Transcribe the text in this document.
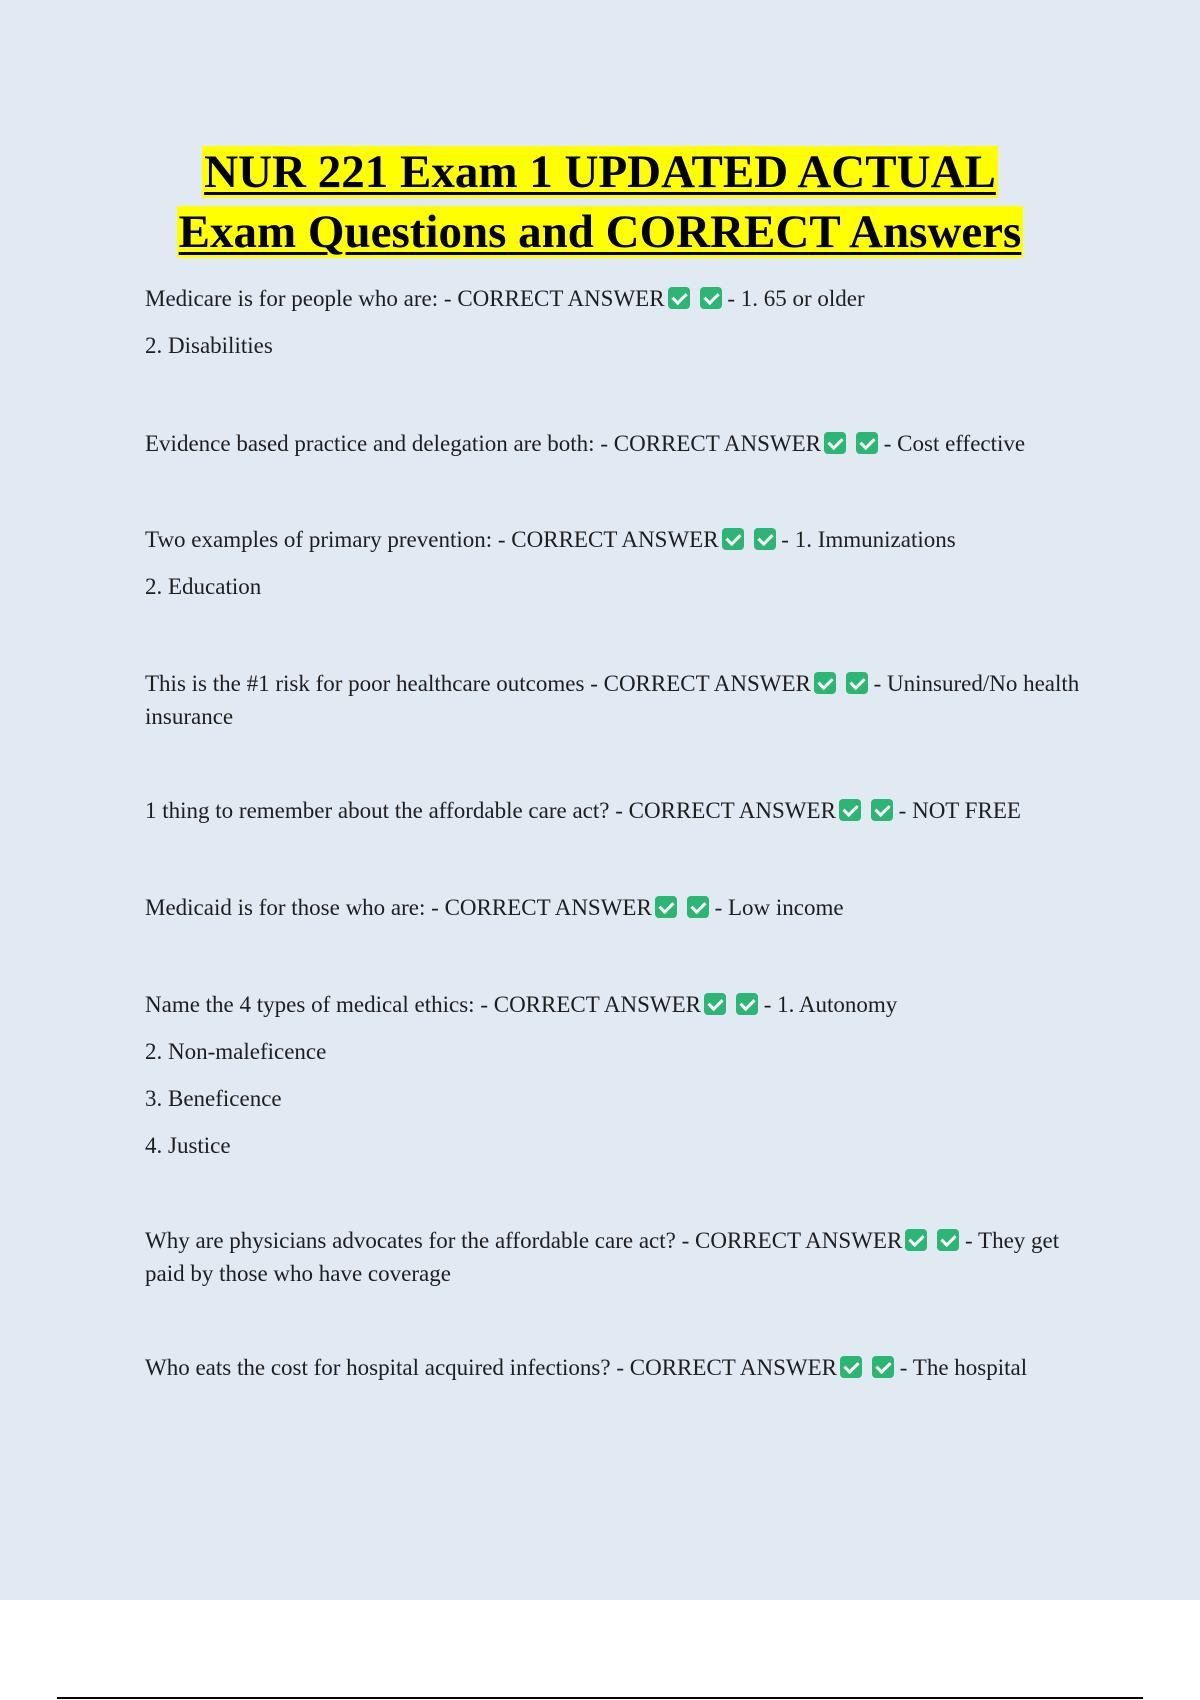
NUR 221 Exam 1 UPDATED ACTUAL
Exam Questions and CORRECT Answers
Medicare is for people who are: - CORRECT ANSWER - 1. 65 or older
2. Disabilities
Evidence based practice and delegation are both: - CORRECT ANSWER - Cost effective
Two examples of primary prevention: - CORRECT ANSWER - 1. Immunizations
2. Education
This is the #1 risk for poor healthcare outcomes - CORRECT ANSWER - Uninsured/No health insurance
1 thing to remember about the affordable care act? - CORRECT ANSWER - NOT FREE
Medicaid is for those who are: - CORRECT ANSWER - Low income
Name the 4 types of medical ethics: - CORRECT ANSWER - 1. Autonomy
2. Non-maleficence
3. Beneficence
4. Justice
Why are physicians advocates for the affordable care act? - CORRECT ANSWER - They get paid by those who have coverage
Who eats the cost for hospital acquired infections? - CORRECT ANSWER - The hospital
